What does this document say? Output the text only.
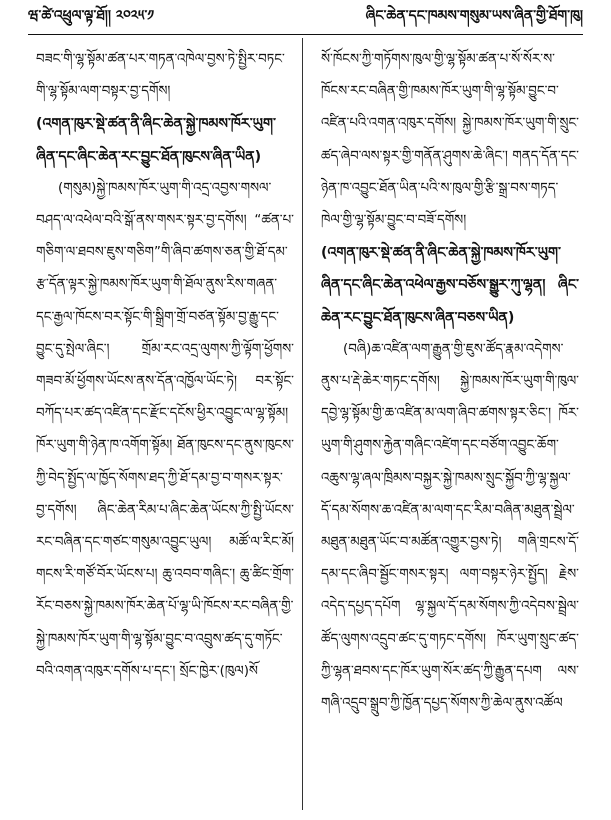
ཝ་ཚེ་འཕྲུལ་ལྟ་ཐོ།། ༢༠༢༥་༡	ཞིང་ཆེན་དང་ཁམས་གསུམ་ཡས་ཞིན་གྱི་ཐོག་ཁུ།

བཟང་གི་ལྷ་སྟོམ་ཚན་པར་གཏན་འཁེལ་བྱས་ཏེ་སྤྱིར་བཏང་གི་ལྷ་སྟོམ་ལག་བསྟར་བྱ་དགོས།

(འགན་ཁུར་སྡེ་ཚན་ནི་ཞིང་ཆེན་སྐྱེ་ཁམས་ཁོར་ཡུག་ཞིན་དང་ཞིང་ཆེན་རང་བྱུང་ཐོན་ཁུངས་ཞིན་ཡིན)

(གསུམ)སྐྱེ་ཁམས་ཁོར་ཡུག་གི་འདྲ་འབྱས་གསལ་བཤད་ལ་འཕེལ་བའི་སྒོ་ནས་གསར་སྟར་བྱ་དགོས། “ཚན་པ་གཅིག་ལ་ཐབས་ཇུས་གཅིག”གི་ཞིབ་ཚགས་ཅན་གྱི་ཐོ་དམ་རྩ་དོན་ལྟར་སྐྱེ་ཁམས་ཁོར་ཡུག་གི་ཐོལ་ནུས་རིས་གཞན་དང་རྒྱལ་ཁོངས་བར་སྟོང་གི་སྒྲིག་གྲོ་བཙན་སྟོམ་བྱ་རྒྱུ་དང་བྱུང་དུ་སྤེལ་ཞིང་། གྲོམ་རང་འདྲ་ལུགས་ཀྱི་ལྟོག་ཕྱོགས་གཟབ་མོ་ཕྱོགས་ཡོངས་ནས་དོན་འཁྱོལ་ཡོང་ཏེ། བར་སྟོང་བཀོད་པར་ཚད་འཛིན་དང་རྫོང་དངོས་ཕྱིར་འབྱུང་ལ་ལྷ་སྟོམ། ཁོར་ཡུག་གི་ཉེན་ཁ་འགོག་སྟོམ། ཐོན་ཁུངས་དང་ནུས་ཁུངས་ཀྱི་བེད་སྤྱོད་ལ་ཁྱོད་སོགས་ཐད་ཀྱི་ཐོ་དམ་བྱ་བ་གསར་སྟར་བྱ་དགོས། ཞིང་ཆེན་རིམ་པ་ཞིང་ཆེན་ཡོངས་ཀྱི་སྤྱི་ཡོངས་རང་བཞིན་དང་གཙང་གསུམ་འབྱུང་ཡུལ། མཚོ་ལ་རིང་མོ། གངས་རི་གཙོ་བོར་ཡོངས་པ། ཆུ་འབབ་གཞིང་། ཆུ་ཚིང་གྲོག་རོང་བཅས་སྐྱེ་ཁམས་ཁོར་ཆེན་པོ་ལྷ་ཡི་ཁོངས་རང་བཞིན་གྱི་སྐྱེ་ཁམས་ཁོར་ཡུག་གི་ལྷ་སྟོམ་བྱུང་བ་འབྲུས་ཚད་དུ་གཏོང་བའི་འགན་འཁུར་དགོས་པ་དང་། སྲོང་ཁྱེར་(ཁུལ)སོ

སོ་ཁོངས་ཀྱི་གཏོགས་ཁུལ་གྱི་ལྷ་སྟོམ་ཚན་པ་སོ་སོར་ས་ཁོངས་རང་བཞིན་གྱི་ཁམས་ཁོར་ཡུག་གི་ལྷ་སྟོམ་བྱུང་བ་འཛིན་པའི་འགན་འཁུར་དགོས། སྐྱེ་ཁམས་ཁོར་ཡུག་གི་སྲུང་ཚད་ཞེབ་ལས་སྟར་གྱི་གནོན་ཤུགས་ཆེ་ཞིང་། གནད་དོན་དང་ཉེན་ཁ་འབྱུང་ཐོན་ཡིན་པའི་ས་ཁུལ་གྱི་རྩི་སྒྲ་བས་གཏད་ཁེལ་གྱི་ལྷ་སྟོམ་བྱུང་བ་བཟོ་དགོས།

(འགན་ཁུར་སྡེ་ཚན་ནི་ཞིང་ཆེན་སྐྱེ་ཁམས་ཁོར་ཡུག་ཞིན་དང་ཞིང་ཆེན་འཕེལ་རྒྱས་བཅོས་སྒྱུར་ཀུ་ལྷན། ཞིང་ཆེན་རང་བྱུང་ཐོན་ཁུངས་ཞིན་བཅས་ཡིན)

(བཞི)ཆ་འཛིན་ལག་རྒྱུན་གྱི་ཇུས་ཚོད་རྣམ་འདེགས་ནུས་པ་རྡེ་ཆེར་གཏང་དགོས། སྐྱེ་ཁམས་ཁོར་ཡུག་གི་ཁུལ་དབྱེ་ལྷ་སྟོམ་གྱི་ཆ་འཛིན་མ་ལག་ཞིབ་ཚགས་སྟར་ཅིང་། ཁོར་ཡུག་གི་ཤུགས་རྐྱེན་གཞིང་འཛེག་དང་བཙོག་འབྱུང་ཆོག་འཆུས་ལྷ་ཞལ་ཁྲིམས་བསྐྱར་སྐྱེ་ཁམས་སྲུང་སྐྱོབ་ཀྱི་ལྷ་སྐྱལ་དོ་དམ་སོགས་ཆ་འཛིན་མ་ལག་དང་རིམ་བཞིན་མཐུན་སྦྲེལ་མཐུན་མཐུན་ཡོང་བ་མཚོན་འགྱུར་བྱས་ཏེ། གཞི་གྲངས་དོ་དམ་དང་ཞིབ་སྦྱོང་གསར་སྟར། ལག་བསྟར་ཉེར་སྤྱོད། རྗེས་འདེད་དཔྱད་དཔོག ལྷ་སྐྱལ་དོ་དམ་སོགས་ཀྱི་འདེབས་སྦྲེལ་ཚོད་ལུགས་འདྲུབ་ཚང་དུ་གཏང་དགོས། ཁོར་ཡུག་སྲུང་ཚད་ཀྱི་ལྷན་ཐབས་དང་ཁོར་ཡུག་སོར་ཚད་ཀྱི་རྒྱུན་དཔག ལས་གཞི་འདྲུབ་སྒྲུབ་ཀྱི་ཁྱོན་དཔྱད་སོགས་ཀྱི་ཆེལ་ནུས་འཚོལ
